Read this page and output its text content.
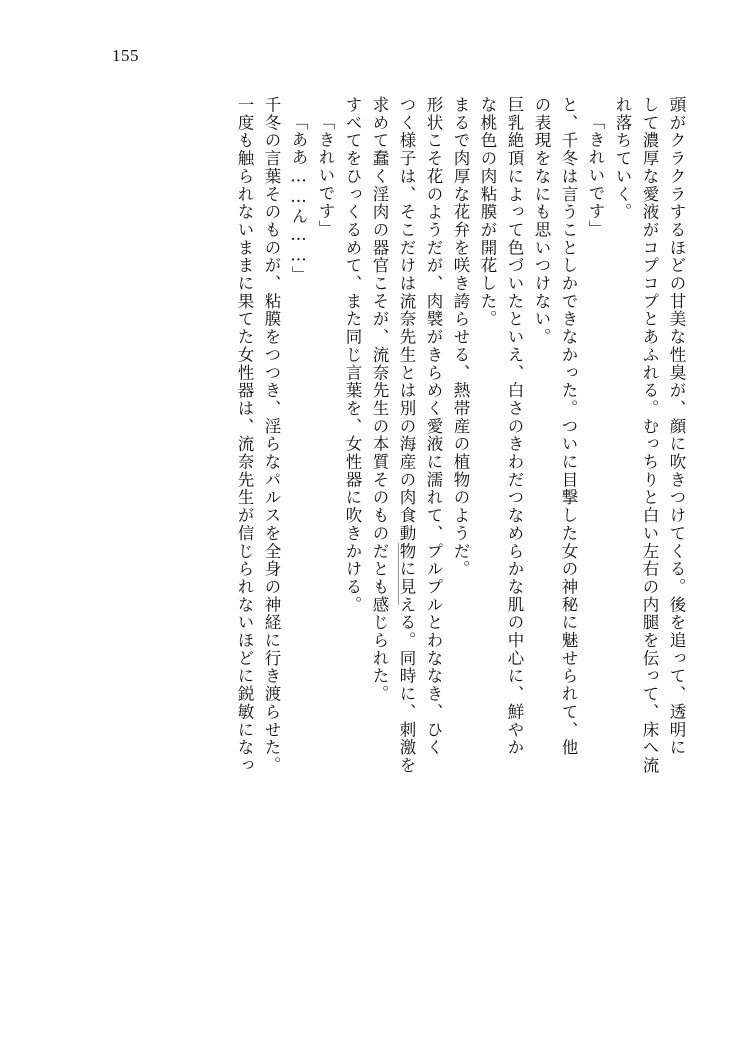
155
頭がクラクラするほどの甘美な性臭が、顔に吹きつけてくる。後を追って、透明に
して濃厚な愛液がコプコプとあふれる。むっちりと白い左右の内腿を伝って、床へ流
れ落ちていく。
「きれいです」
と、千冬は言うことしかできなかった。ついに目撃した女の神秘に魅せられて、他
の表現をなにも思いつけない。
巨乳絶頂によって色づいたといえ、白さのきわだつなめらかな肌の中心に、鮮やか
な桃色の肉粘膜が開花した。
まるで肉厚な花弁を咲き誇らせる、熱帯産の植物のようだ。
形状こそ花のようだが、肉襞がきらめく愛液に濡れて、プルプルとわななき、ひく
つく様子は、そこだけは流奈先生とは別の海産の肉食動物に見える。同時に、刺激を
求めて蠢く淫肉の器官こそが、流奈先生の本質そのものだとも感じられた。
すべてをひっくるめて、また同じ言葉を、女性器に吹きかける。
「きれいです」
「ああ……ん……」
千冬の言葉そのものが、粘膜をつつき、淫らなパルスを全身の神経に行き渡らせた。
一度も触られないままに果てた女性器は、流奈先生が信じられないほどに鋭敏になっ
